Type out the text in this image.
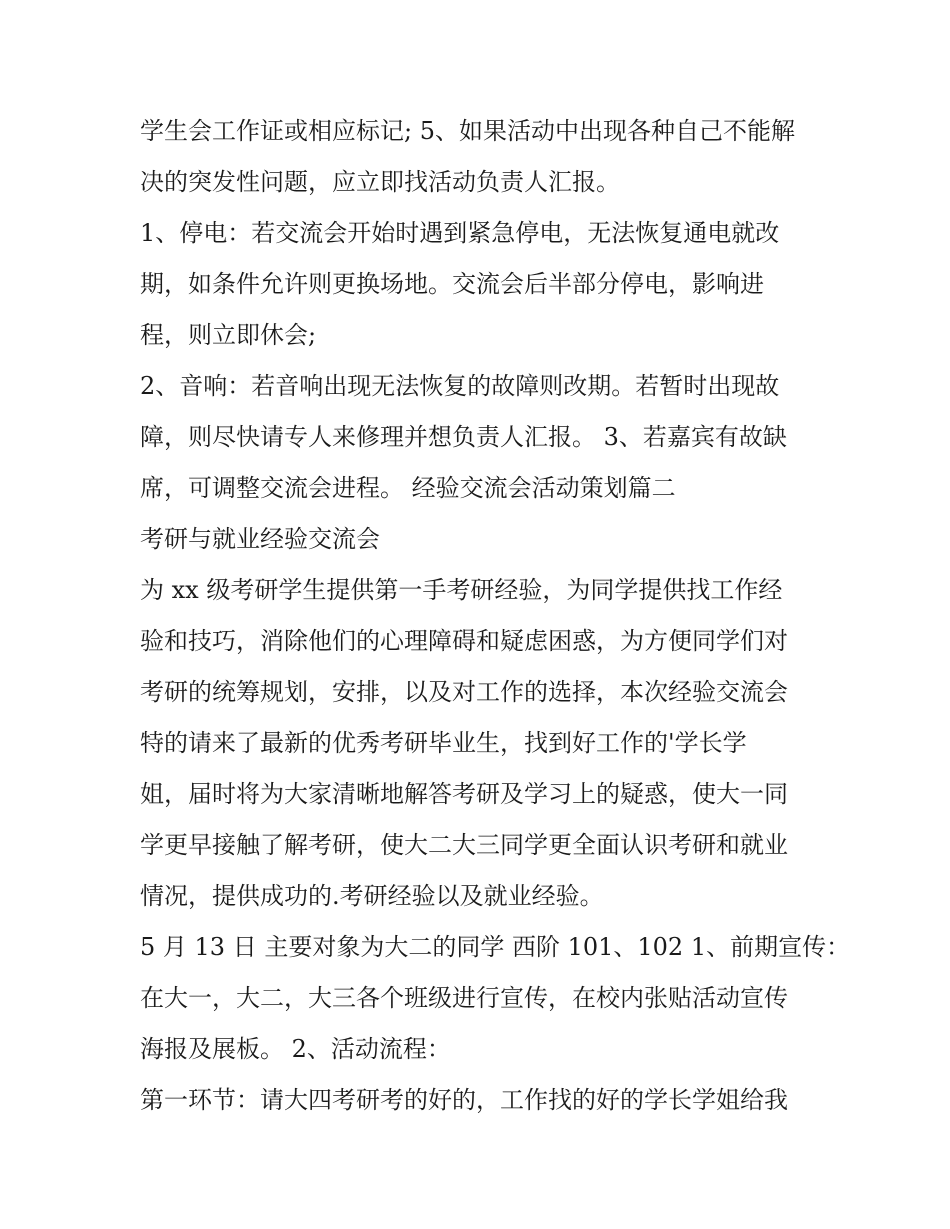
学生会工作证或相应标记; 5、如果活动中出现各种自己不能解
决的突发性问题，应立即找活动负责人汇报。
1、停电：若交流会开始时遇到紧急停电，无法恢复通电就改
期，如条件允许则更换场地。交流会后半部分停电，影响进
程，则立即休会;
2、音响：若音响出现无法恢复的故障则改期。若暂时出现故
障，则尽快请专人来修理并想负责人汇报。 3、若嘉宾有故缺
席，可调整交流会进程。 经验交流会活动策划篇二
考研与就业经验交流会
为 xx 级考研学生提供第一手考研经验，为同学提供找工作经
验和技巧，消除他们的心理障碍和疑虑困惑，为方便同学们对
考研的统筹规划，安排，以及对工作的选择，本次经验交流会
特的请来了最新的优秀考研毕业生，找到好工作的'学长学
姐，届时将为大家清晰地解答考研及学习上的疑惑，使大一同
学更早接触了解考研，使大二大三同学更全面认识考研和就业
情况，提供成功的.考研经验以及就业经验。
5 月 13 日 主要对象为大二的同学 西阶 101、102 1、前期宣传：
在大一，大二，大三各个班级进行宣传，在校内张贴活动宣传
海报及展板。 2、活动流程：
第一环节：请大四考研考的好的，工作找的好的学长学姐给我
